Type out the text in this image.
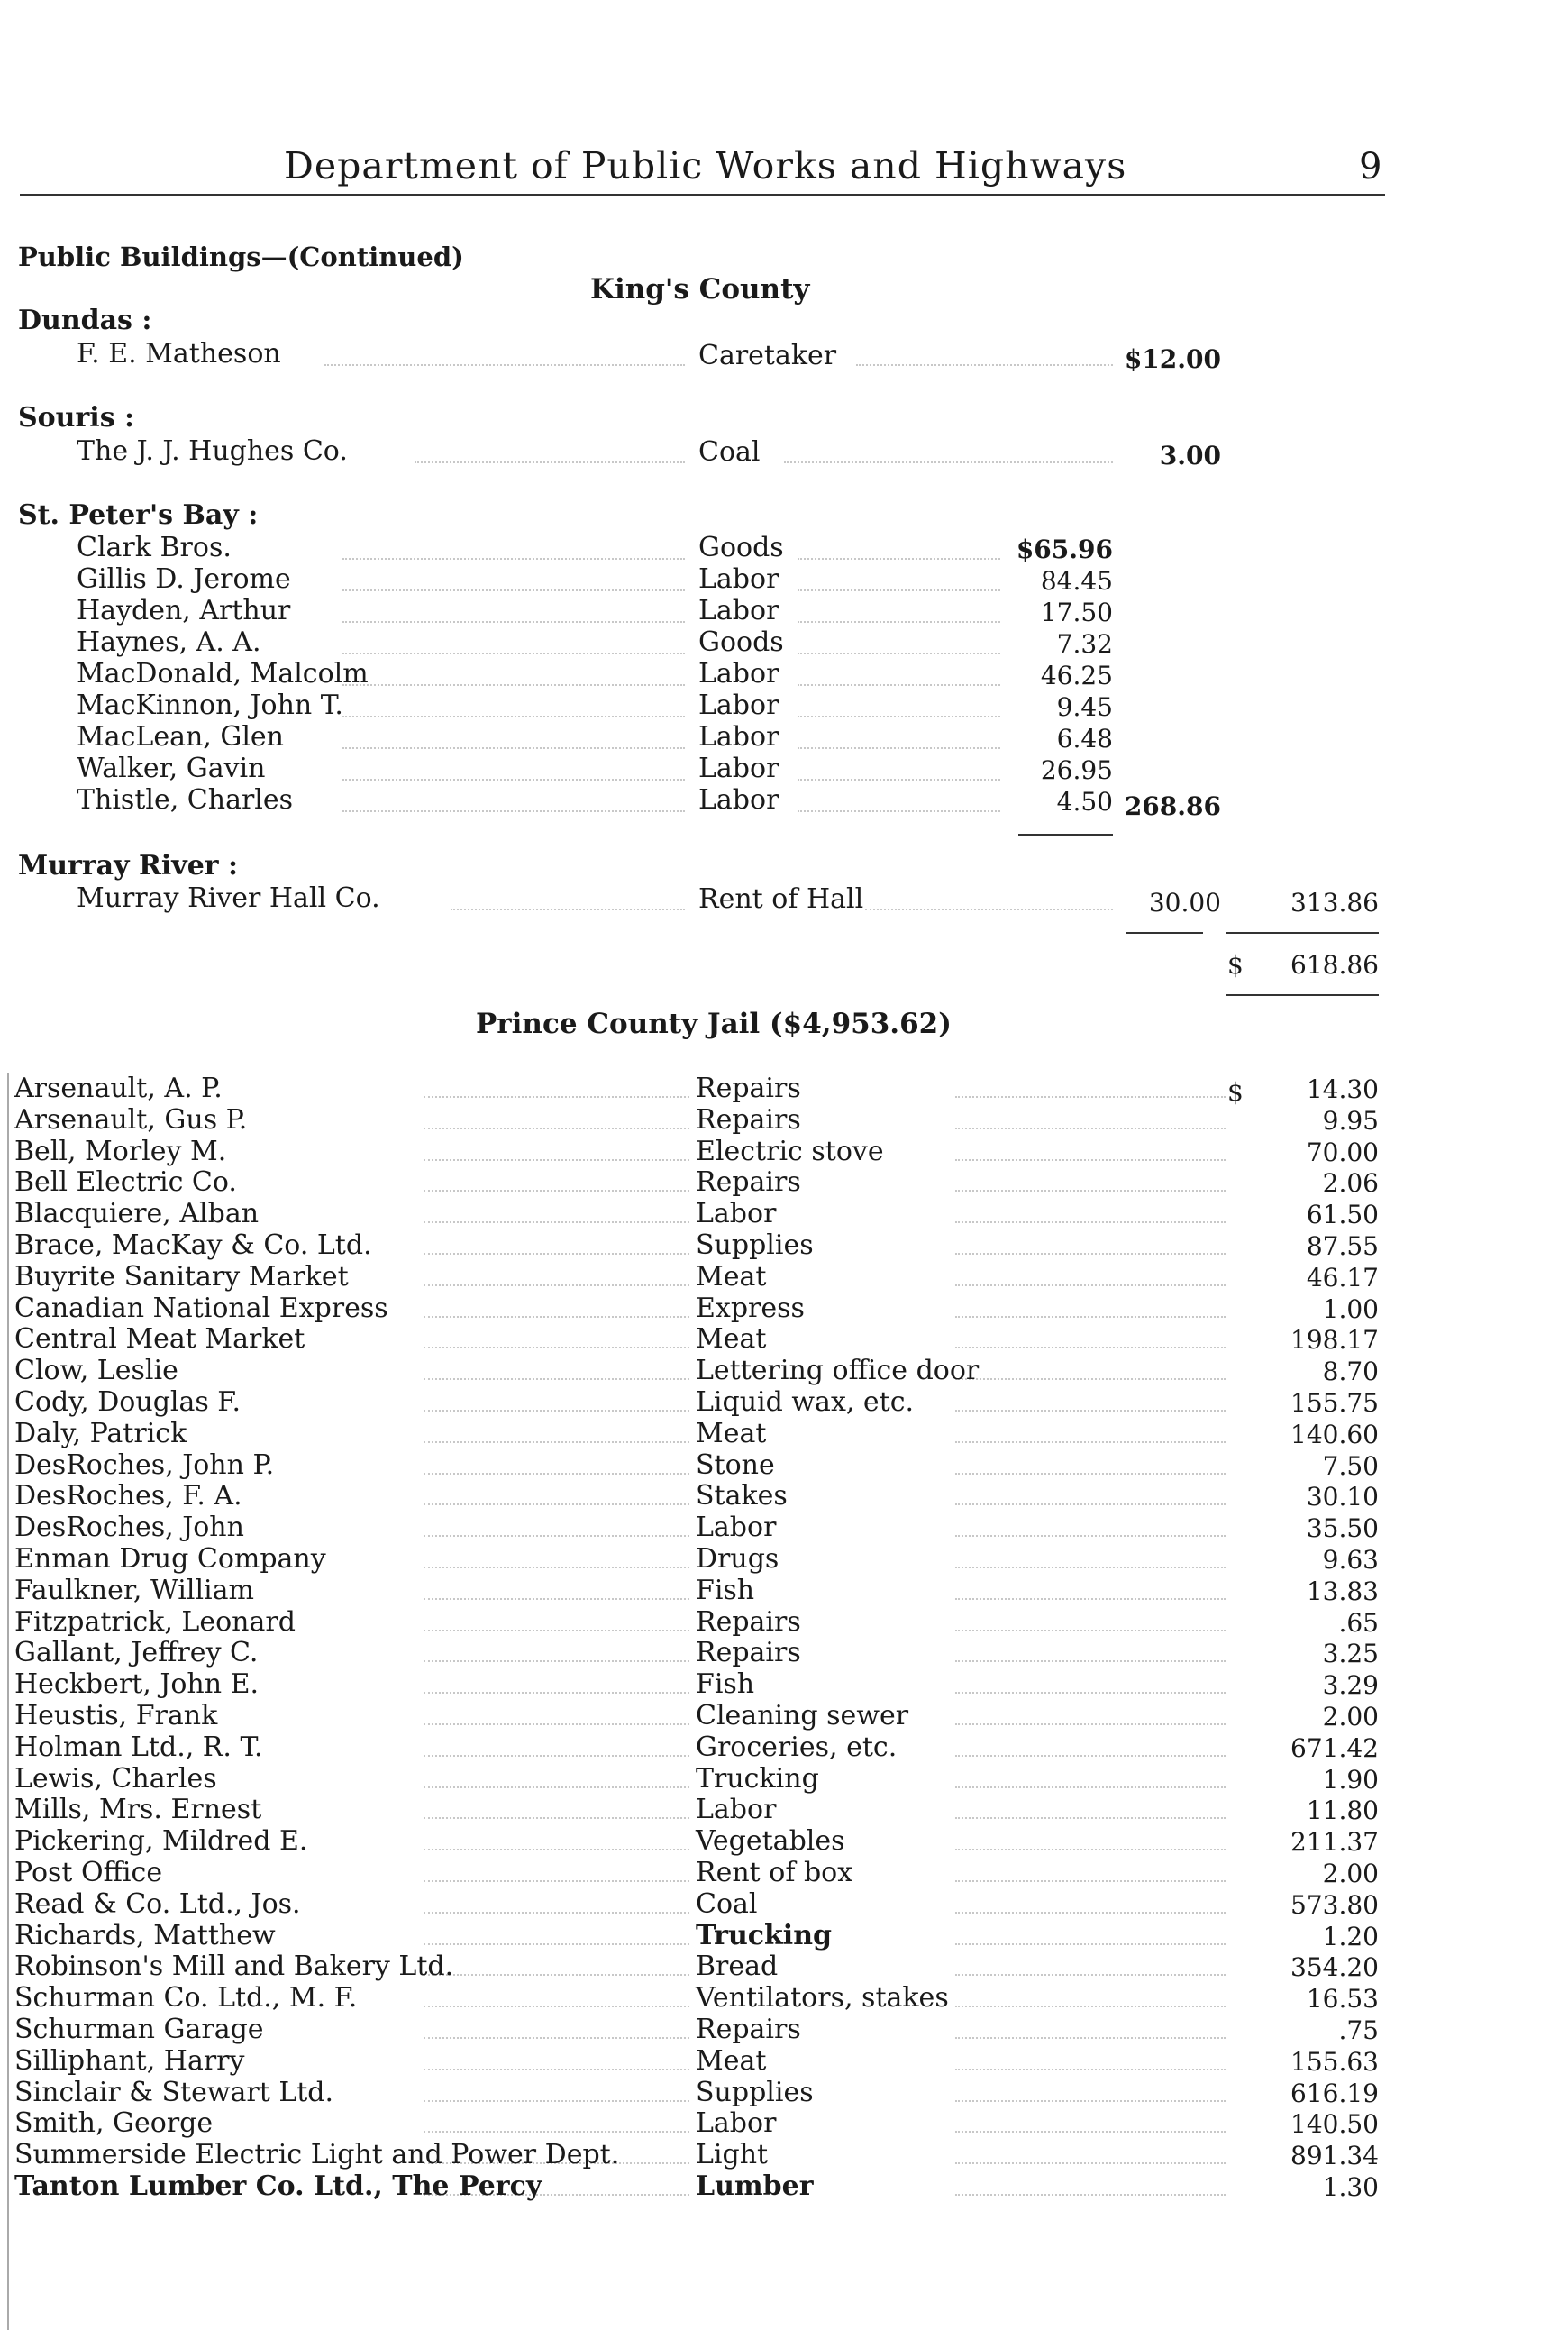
Department of Public Works and Highways	9
Public Buildings—(Continued)
King's County
Dundas :
F. E. Matheson	Caretaker	$12.00
Souris :
The J. J. Hughes Co.	Coal	3.00
St. Peter's Bay :
Clark Bros.	Goods	$65.96
Gillis D. Jerome	Labor	84.45
Hayden, Arthur	Labor	17.50
Haynes, A. A.	Goods	7.32
MacDonald, Malcolm	Labor	46.25
MacKinnon, John T.	Labor	9.45
MacLean, Glen	Labor	6.48
Walker, Gavin	Labor	26.95
Thistle, Charles	Labor	4.50 268.86
Murray River :
Murray River Hall Co.	Rent of Hall	30.00	313.86
$	618.86
Prince County Jail ($4,953.62)
$
Arsenault, A. P.	Repairs	14.30
Arsenault, Gus P.	Repairs	9.95
Bell, Morley M.	Electric stove	70.00
Bell Electric Co.	Repairs	2.06
Blacquiere, Alban	Labor	61.50
Brace, MacKay & Co. Ltd.	Supplies	87.55
Buyrite Sanitary Market	Meat	46.17
Canadian National Express	Express	1.00
Central Meat Market	Meat	198.17
Clow, Leslie	Lettering office door	8.70
Cody, Douglas F.	Liquid wax, etc.	155.75
Daly, Patrick	Meat	140.60
DesRoches, John P.	Stone	7.50
DesRoches, F. A.	Stakes	30.10
DesRoches, John	Labor	35.50
Enman Drug Company	Drugs	9.63
Faulkner, William	Fish	13.83
Fitzpatrick, Leonard	Repairs	.65
Gallant, Jeffrey C.	Repairs	3.25
Heckbert, John E.	Fish	3.29
Heustis, Frank	Cleaning sewer	2.00
Holman Ltd., R. T.	Groceries, etc.	671.42
Lewis, Charles	Trucking	1.90
Mills, Mrs. Ernest	Labor	11.80
Pickering, Mildred E.	Vegetables	211.37
Post Office	Rent of box	2.00
Read & Co. Ltd., Jos.	Coal	573.80
Richards, Matthew	Trucking	1.20
Robinson's Mill and Bakery Ltd.	Bread	354.20
Schurman Co. Ltd., M. F.	Ventilators, stakes	16.53
Schurman Garage	Repairs	.75
Silliphant, Harry	Meat	155.63
Sinclair & Stewart Ltd.	Supplies	616.19
Smith, George	Labor	140.50
Summerside Electric Light and Power Dept.	Light	891.34
Tanton Lumber Co. Ltd., The Percy	Lumber	1.30
